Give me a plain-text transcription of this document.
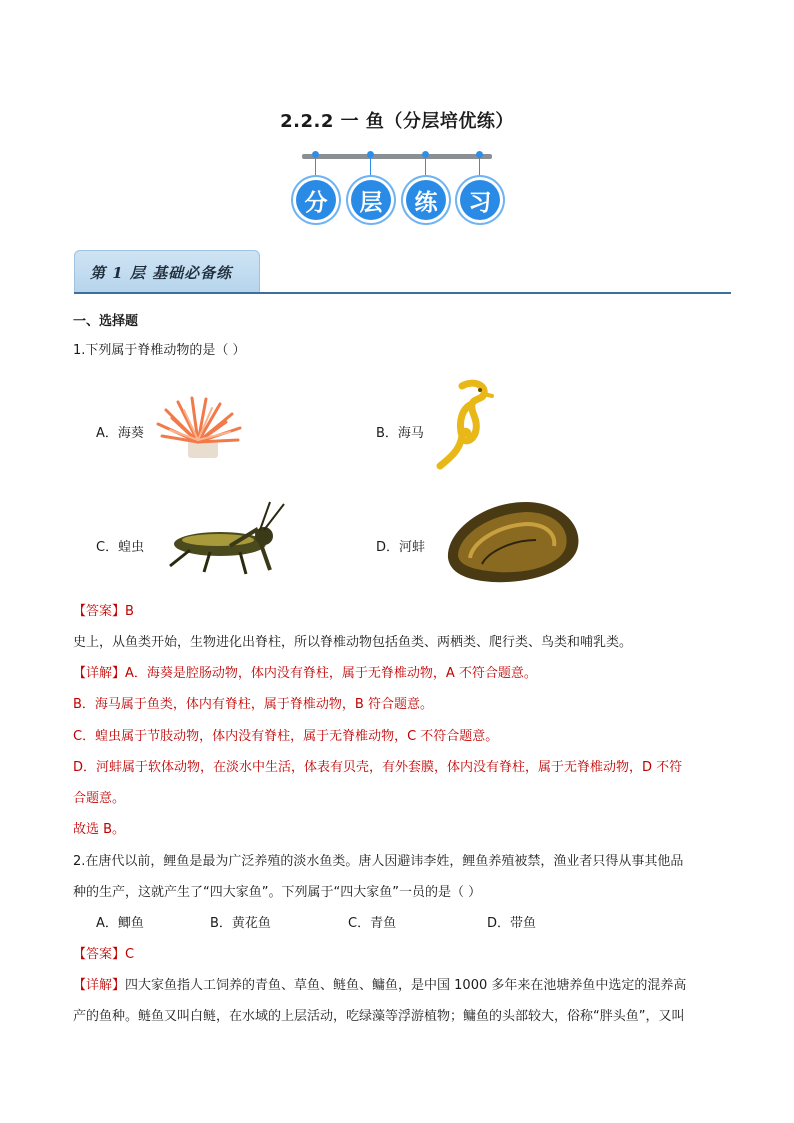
2.2.2 一 鱼（分层培优练）
分	层	练	习
第 1 层 基础必备练
一、选择题
1.下列属于脊椎动物的是（ ）
A．海葵	B．海马
C．蝗虫	D．河蚌
【答案】B
史上，从鱼类开始，生物进化出脊柱，所以脊椎动物包括鱼类、两栖类、爬行类、鸟类和哺乳类。
【详解】A．海葵是腔肠动物，体内没有脊柱，属于无脊椎动物，A 不符合题意。
B．海马属于鱼类，体内有脊柱，属于脊椎动物，B 符合题意。
C．蝗虫属于节肢动物，体内没有脊柱，属于无脊椎动物，C 不符合题意。
D．河蚌属于软体动物，在淡水中生活，体表有贝壳，有外套膜，体内没有脊柱，属于无脊椎动物，D 不符
合题意。
故选 B。
2.在唐代以前，鲤鱼是最为广泛养殖的淡水鱼类。唐人因避讳李姓，鲤鱼养殖被禁，渔业者只得从事其他品
种的生产，这就产生了“四大家鱼”。下列属于“四大家鱼”一员的是（ ）
A．鲫鱼	B．黄花鱼	C．青鱼	D．带鱼
【答案】C
【详解】四大家鱼指人工饲养的青鱼、草鱼、鲢鱼、鳙鱼，是中国 1000 多年来在池塘养鱼中选定的混养高
产的鱼种。鲢鱼又叫白鲢，在水域的上层活动，吃绿藻等浮游植物；鳙鱼的头部较大，俗称“胖头鱼”，又叫
